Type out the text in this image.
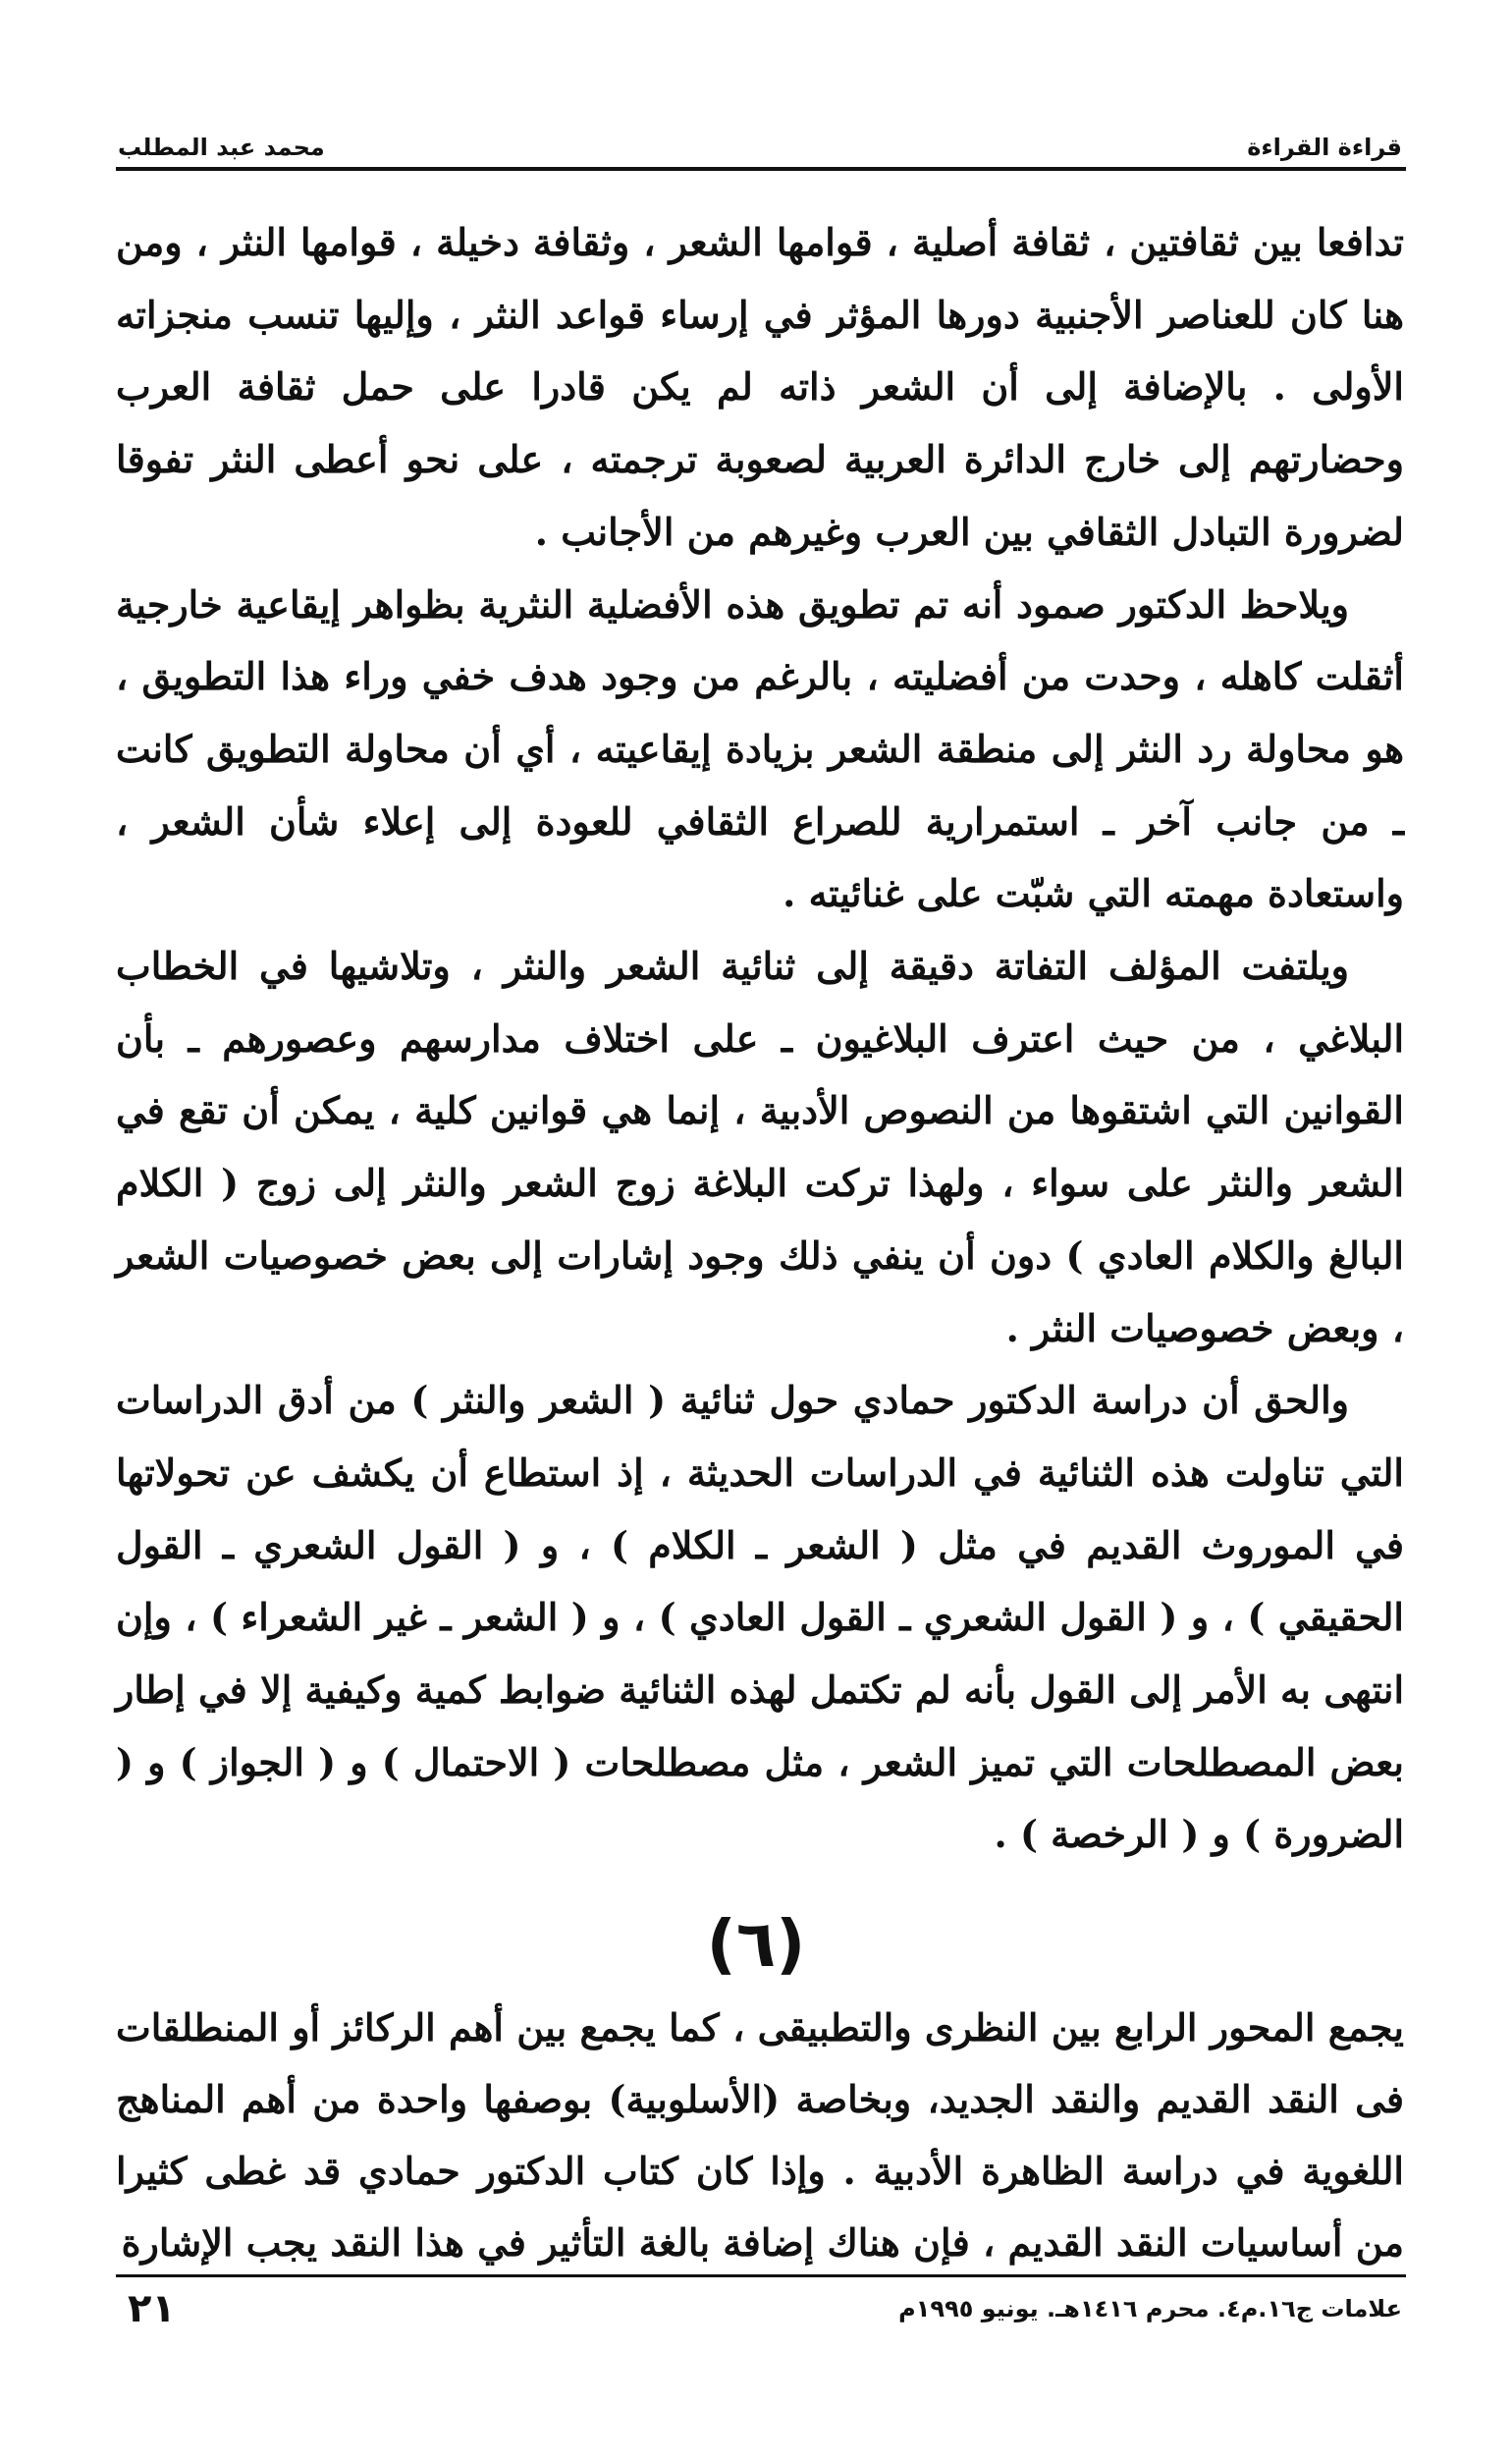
قراءة القراءة
محمد عبد المطلب

تدافعا بين ثقافتين ، ثقافة أصلية ، قوامها الشعر ، وثقافة دخيلة ، قوامها النثر ، ومن هنا كان للعناصر الأجنبية دورها المؤثر في إرساء قواعد النثر ، وإليها تنسب منجزاته الأولى . بالإضافة إلى أن الشعر ذاته لم يكن قادرا على حمل ثقافة العرب وحضارتهم إلى خارج الدائرة العربية لصعوبة ترجمته ، على نحو أعطى النثر تفوقا لضرورة التبادل الثقافي بين العرب وغيرهم من الأجانب .

ويلاحظ الدكتور صمود أنه تم تطويق هذه الأفضلية النثرية بظواهر إيقاعية خارجية أثقلت كاهله ، وحدت من أفضليته ، بالرغم من وجود هدف خفي وراء هذا التطويق ، هو محاولة رد النثر إلى منطقة الشعر بزيادة إيقاعيته ، أي أن محاولة التطويق كانت ـ من جانب آخر ـ استمرارية للصراع الثقافي للعودة إلى إعلاء شأن الشعر ، واستعادة مهمته التي شبّت على غنائيته .

ويلتفت المؤلف التفاتة دقيقة إلى ثنائية الشعر والنثر ، وتلاشيها في الخطاب البلاغي ، من حيث اعترف البلاغيون ـ على اختلاف مدارسهم وعصورهم ـ بأن القوانين التي اشتقوها من النصوص الأدبية ، إنما هي قوانين كلية ، يمكن أن تقع في الشعر والنثر على سواء ، ولهذا تركت البلاغة زوج الشعر والنثر إلى زوج ( الكلام البالغ والكلام العادي ) دون أن ينفي ذلك وجود إشارات إلى بعض خصوصيات الشعر ، وبعض خصوصيات النثر .

والحق أن دراسة الدكتور حمادي حول ثنائية ( الشعر والنثر ) من أدق الدراسات التي تناولت هذه الثنائية في الدراسات الحديثة ، إذ استطاع أن يكشف عن تحولاتها في الموروث القديم في مثل ( الشعر ـ الكلام ) ، و ( القول الشعري ـ القول الحقيقي ) ، و ( القول الشعري ـ القول العادي ) ، و ( الشعر ـ غير الشعراء ) ، وإن انتهى به الأمر إلى القول بأنه لم تكتمل لهذه الثنائية ضوابط كمية وكيفية إلا في إطار بعض المصطلحات التي تميز الشعر ، مثل مصطلحات ( الاحتمال ) و ( الجواز ) و ( الضرورة ) و ( الرخصة ) .

(٦)

يجمع المحور الرابع بين النظرى والتطبيقى ، كما يجمع بين أهم الركائز أو المنطلقات فى النقد القديم والنقد الجديد، وبخاصة (الأسلوبية) بوصفها واحدة من أهم المناهج اللغوية في دراسة الظاهرة الأدبية . وإذا كان كتاب الدكتور حمادي قد غطى كثيرا من أساسيات النقد القديم ، فإن هناك إضافة بالغة التأثير في هذا النقد يجب الإشارة

علامات ج١٦.م٤. محرم ١٤١٦هـ. يونيو ١٩٩٥م
٢١
